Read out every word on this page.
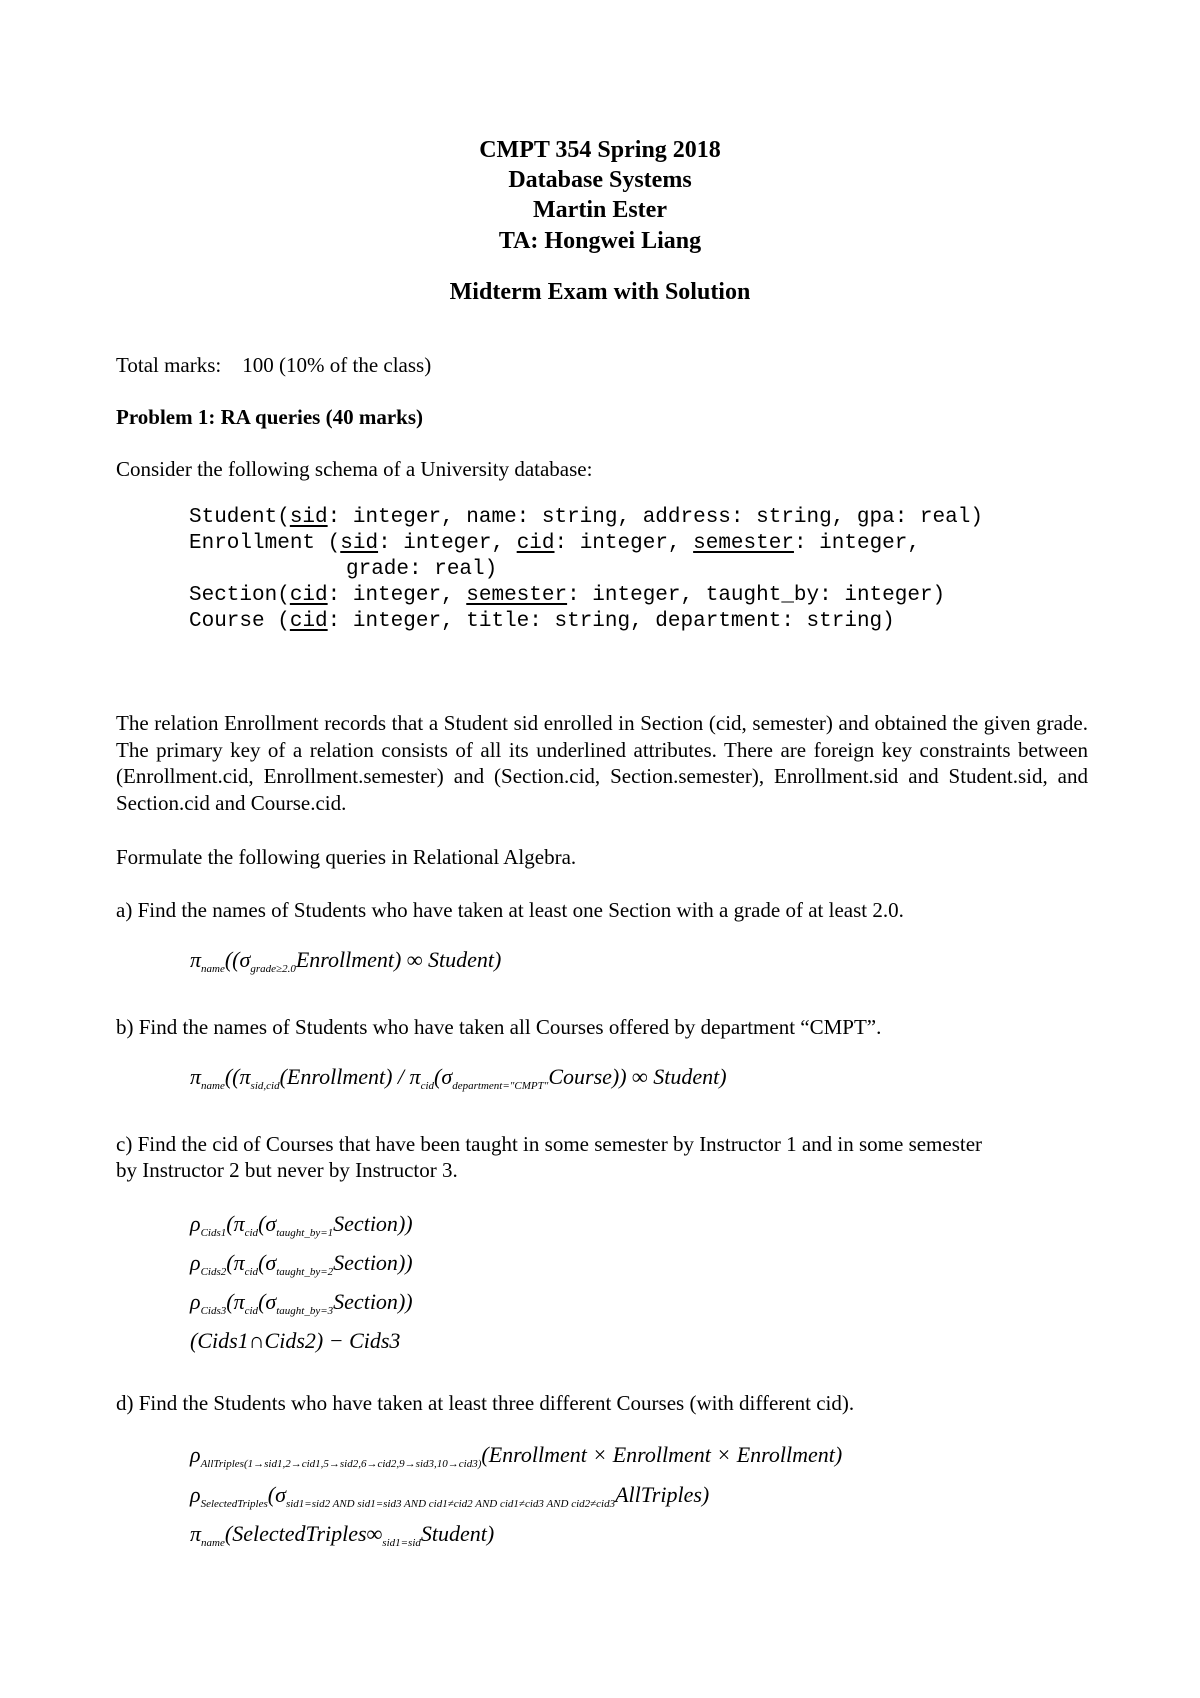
CMPT 354 Spring 2018
Database Systems
Martin Ester
TA: Hongwei Liang
Midterm Exam with Solution
Total marks: 100 (10% of the class)
Problem 1: RA queries (40 marks)
Consider the following schema of a University database:
Student(sid: integer, name: string, address: string, gpa: real)
Enrollment (sid: integer, cid: integer, semester: integer,
grade: real)
Section(cid: integer, semester: integer, taught_by: integer)
Course (cid: integer, title: string, department: string)
The relation Enrollment records that a Student sid enrolled in Section (cid, semester) and obtained the given grade. The primary key of a relation consists of all its underlined attributes. There are foreign key constraints between (Enrollment.cid, Enrollment.semester) and (Section.cid, Section.semester), Enrollment.sid and Student.sid, and Section.cid and Course.cid.
Formulate the following queries in Relational Algebra.
a) Find the names of Students who have taken at least one Section with a grade of at least 2.0.
$\pi_{name}((\sigma_{grade\ge 2.0}Enrollment)$ ∞ Student)
b) Find the names of Students who have taken all Courses offered by department “CMPT”.
$\pi_{name}((\pi_{sid,cid}(Enrollment)$ / $\pi_{cid}(\sigma_{department="CMPT"}Course)$) ∞ Student)
c) Find the cid of Courses that have been taught in some semester by Instructor 1 and in some semester
by Instructor 2 but never by Instructor 3.
$\rho_{Cids1}(\pi_{cid}(\sigma_{taught\_by=1}Section))$
$\rho_{Cids2}(\pi_{cid}(\sigma_{taught\_by=2}Section))$
$\rho_{Cids3}(\pi_{cid}(\sigma_{taught\_by=3}Section))$
(Cids1∩Cids2) − Cids3
d) Find the Students who have taken at least three different Courses (with different cid).
$\rho_{AllTriples(1\to sid1,2\to cid1,5\to sid2,6\to cid2,9\to sid3,10\to cid3)}(Enrollment$ × Enrollment × Enrollment)
$\rho_{SelectedTriples}(\sigma_{sid1=sid2 AND sid1=sid3 AND cid1\ne cid2 AND cid1\ne cid3 AND cid2\ne cid3}AllTriples)$
$\pi_{name}(SelectedTriples\infty_{sid1=sid}Student)$
